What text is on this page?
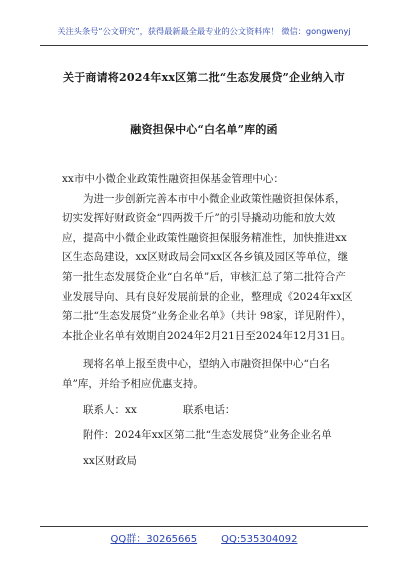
关注头条号“公文研究”，获得最新最全最专业的公文资料库！ 微信：gongwenyj
关于商请将2024年xx区第二批“生态发展贷”企业纳入市
融资担保中心“白名单”库的函

xx市中小微企业政策性融资担保基金管理中心：

为进一步创新完善本市中小微企业政策性融资担保体系，切实发挥好财政资金“四两拨千斤”的引导撬动功能和放大效应，提高中小微企业政策性融资担保服务精准性，加快推进xx区生态岛建设，xx区财政局会同xx区各乡镇及园区等单位，继第一批生态发展贷企业“白名单”后，审核汇总了第二批符合产业发展导向、具有良好发展前景的企业，整理成《2024年xx区第二批“生态发展贷”业务企业名单》（共计 98家，详见附件），本批企业名单有效期自2024年2月21日至2024年12月31日。

现将名单上报至贵中心，望纳入市融资担保中心“白名单”库，并给予相应优惠支持。

联系人：xx	联系电话：

附件：2024年xx区第二批“生态发展贷”业务企业名单

xx区财政局

QQ群：30265665 QQ:535304092
